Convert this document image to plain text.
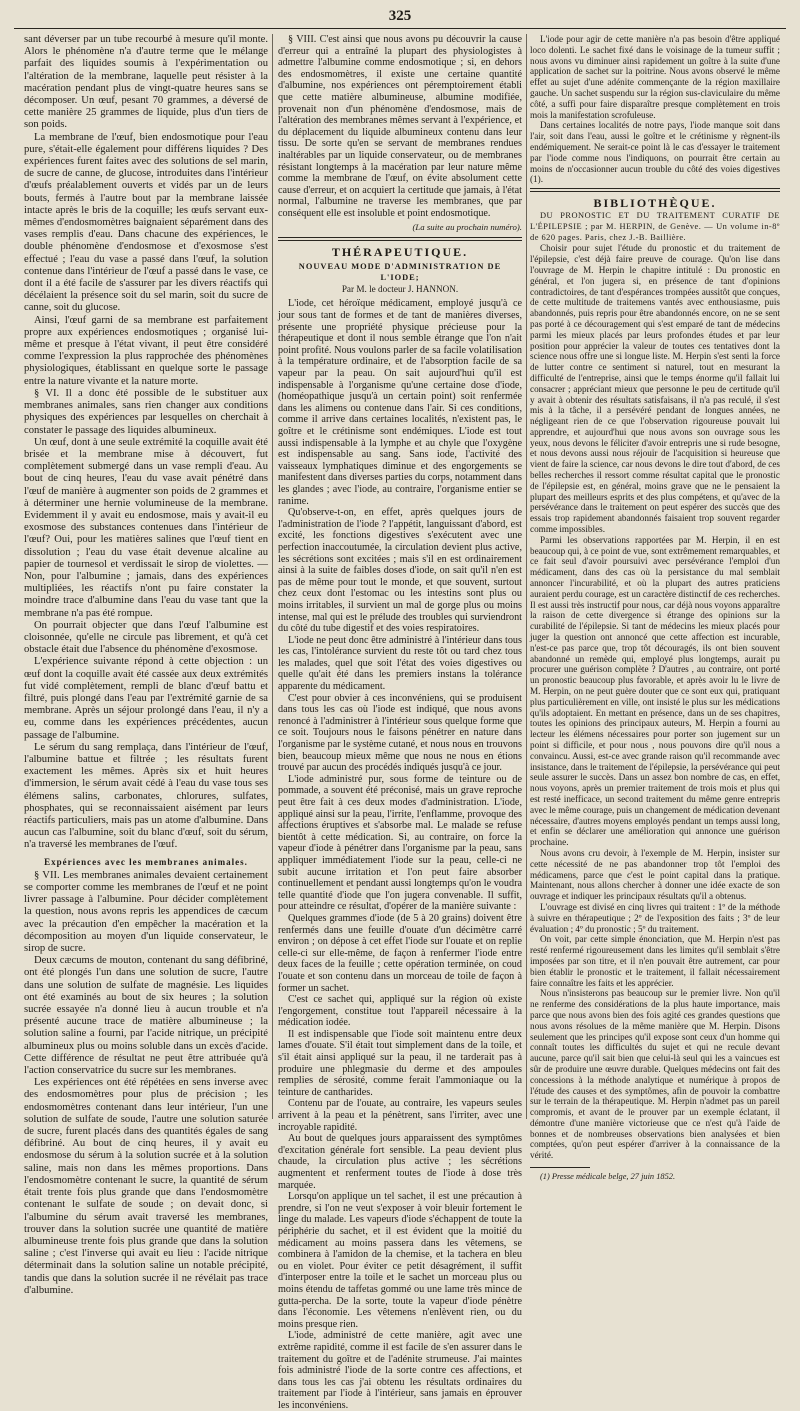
325

sant déverser par un tube recourbé à mesure qu'il monte. Alors le phénomène n'a d'autre terme que le mélange parfait des liquides soumis à l'expérimentation ou l'altération de la membrane, laquelle peut résister à la macération pendant plus de vingt-quatre heures sans se décomposer. Un œuf, pesant 70 grammes, a déversé de cette manière 25 grammes de liquide, plus d'un tiers de son poids.

La membrane de l'œuf, bien endosmotique pour l'eau pure, s'était-elle également pour différens liquides ? Des expériences furent faites avec des solutions de sel marin, de sucre de canne, de glucose, introduites dans l'intérieur d'œufs préalablement ouverts et vidés par un de leurs bouts, fermés à l'autre bout par la membrane laissée intacte après le bris de la coquille; les œufs servant eux-mêmes d'endosmomètres baignaient séparément dans des vases remplis d'eau. Dans chacune des expériences, le double phénomène d'endosmose et d'exosmose s'est effectué ; l'eau du vase a passé dans l'œuf, la solution contenue dans l'intérieur de l'œuf a passé dans le vase, ce dont il a été facile de s'assurer par les divers réactifs qui décélaient la présence soit du sel marin, soit du sucre de canne, soit du glucose.

Ainsi, l'œuf garni de sa membrane est parfaitement propre aux expériences endosmotiques ; organisé lui-même et presque à l'état vivant, il peut être considéré comme l'expression la plus rapprochée des phénomènes physiologiques, établissant en quelque sorte le passage entre la nature vivante et la nature morte.

§ VI. Il a donc été possible de le substituer aux membranes animales, sans rien changer aux conditions physiques des expériences par lesquelles on cherchait à constater le passage des liquides albumineux.

Un œuf, dont à une seule extrémité la coquille avait été brisée et la membrane mise à découvert, fut complètement submergé dans un vase rempli d'eau. Au bout de cinq heures, l'eau du vase avait pénétré dans l'œuf de manière à augmenter son poids de 2 grammes et à déterminer une hernie volumineuse de la membrane. Evidemment il y avait eu endosmose, mais y avait-il eu exosmose des substances contenues dans l'intérieur de l'œuf? Oui, pour les matières salines que l'œuf tient en dissolution ; l'eau du vase était devenue alcaline au papier de tournesol et verdissait le sirop de violettes. — Non, pour l'albumine ; jamais, dans des expériences multipliées, les réactifs n'ont pu faire constater la moindre trace d'albumine dans l'eau du vase tant que la membrane n'a pas été rompue.

On pourrait objecter que dans l'œuf l'albumine est cloisonnée, qu'elle ne circule pas librement, et qu'à cet obstacle était due l'absence du phénomène d'exosmose.

L'expérience suivante répond à cette objection : un œuf dont la coquille avait été cassée aux deux extrémités fut vidé complètement, rempli de blanc d'œuf battu et filtré, puis plongé dans l'eau par l'extrémité garnie de sa membrane. Après un séjour prolongé dans l'eau, il n'y a eu, comme dans les expériences précédentes, aucun passage de l'albumine.

Le sérum du sang remplaça, dans l'intérieur de l'œuf, l'albumine battue et filtrée ; les résultats furent exactement les mêmes. Après six et huit heures d'immersion, le sérum avait cédé à l'eau du vase tous ses élémens salins, carbonates, chlorures, sulfates, phosphates, qui se reconnaissaient aisément par leurs réactifs particuliers, mais pas un atome d'albumine. Dans aucun cas l'albumine, soit du blanc d'œuf, soit du sérum, n'a traversé les membranes de l'œuf.

Expériences avec les membranes animales.

§ VII. Les membranes animales devaient certainement se comporter comme les membranes de l'œuf et ne point livrer passage à l'albumine. Pour décider complètement la question, nous avons repris les appendices de cæcum avec la précaution d'en empêcher la macération et la décomposition au moyen d'un liquide conservateur, le sirop de sucre.

Deux cæcums de mouton, contenant du sang défibriné, ont été plongés l'un dans une solution de sucre, l'autre dans une solution de sulfate de magnésie. Les liquides ont été examinés au bout de six heures ; la solution sucrée essayée n'a donné lieu à aucun trouble et n'a présenté aucune trace de matière albumineuse ; la solution saline a fourni, par l'acide nitrique, un précipité albumineux plus ou moins soluble dans un excès d'acide. Cette différence de résultat ne peut être attribuée qu'à l'action conservatrice du sucre sur les membranes.

Les expériences ont été répétées en sens inverse avec des endosmomètres pour plus de précision ; les endosmomètres contenant dans leur intérieur, l'un une solution de sulfate de soude, l'autre une solution saturée de sucre, furent placés dans des quantités égales de sang défibriné. Au bout de cinq heures, il y avait eu endosmose du sérum à la solution sucrée et à la solution saline, mais non dans les mêmes proportions. Dans l'endosmomètre contenant le sucre, la quantité de sérum était trente fois plus grande que dans l'endosmomètre contenant le sulfate de soude ; on devait donc, si l'albumine du sérum avait traversé les membranes, trouver dans la solution sucrée une quantité de matière albumineuse trente fois plus grande que dans la solution saline ; c'est l'inverse qui avait eu lieu : l'acide nitrique déterminait dans la solution saline un notable précipité, tandis que dans la solution sucrée il ne révélait pas trace d'albumine.

§ VIII. C'est ainsi que nous avons pu découvrir la cause d'erreur qui a entraîné la plupart des physiologistes à admettre l'albumine comme endosmotique ; si, en dehors des endosmomètres, il existe une certaine quantité d'albumine, nos expériences ont péremptoirement établi que cette matière albumineuse, albumine modifiée, provenait non d'un phénomène d'endosmose, mais de l'altération des membranes mêmes servant à l'expérience, et du déplacement du liquide albumineux contenu dans leur tissu. De sorte qu'en se servant de membranes rendues inaltérables par un liquide conservateur, ou de membranes résistant longtemps à la macération par leur nature même comme la membrane de l'œuf, on évite absolument cette cause d'erreur, et on acquiert la certitude que jamais, à l'état normal, l'albumine ne traverse les membranes, que par conséquent elle est insoluble et point endosmotique.

(La suite au prochain numéro).
THÉRAPEUTIQUE.
NOUVEAU MODE D'ADMINISTRATION DE L'IODE;
Par M. le docteur J. HANNON.

L'iode, cet héroïque médicament, employé jusqu'à ce jour sous tant de formes et de tant de manières diverses, présente une propriété physique précieuse pour la thérapeutique et dont il nous semble étrange que l'on n'ait point profité. Nous voulons parler de sa facile volatilisation à la température ordinaire, et de l'absorption facile de sa vapeur par la peau. On sait aujourd'hui qu'il est indispensable à l'organisme qu'une certaine dose d'iode, (homéopathique jusqu'à un certain point) soit renfermée dans les alimens ou contenue dans l'air. Si ces conditions, comme il arrive dans certaines localités, n'existent pas, le goître et le crétinisme sont endémiques. L'iode est tout aussi indispensable à la lymphe et au chyle que l'oxygène est indispensable au sang. Sans iode, l'activité des vaisseaux lymphatiques diminue et des engorgements se manifestent dans diverses parties du corps, notamment dans les glandes ; avec l'iode, au contraire, l'organisme entier se ranime.

Qu'observe-t-on, en effet, après quelques jours de l'administration de l'iode ? l'appétit, languissant d'abord, est excité, les fonctions digestives s'exécutent avec une perfection inaccoutumée, la circulation devient plus active, les sécrétions sont excitées ; mais s'il en est ordinairement ainsi à la suite de faibles doses d'iode, on sait qu'il n'en est pas de même pour tout le monde, et que souvent, surtout chez ceux dont l'estomac ou les intestins sont plus ou moins irritables, il survient un mal de gorge plus ou moins intense, mal qui est le prélude des troubles qui surviendront du côté du tube digestif et des voies respiratoires.

L'iode ne peut donc être administré à l'intérieur dans tous les cas, l'intolérance survient du reste tôt ou tard chez tous les malades, quel que soit l'état des voies digestives ou quelle qu'ait été dans les premiers instans la tolérance apparente du médicament.

C'est pour obvier à ces inconvéniens, qui se produisent dans tous les cas où l'iode est indiqué, que nous avons renoncé à l'administrer à l'intérieur sous quelque forme que ce soit. Toujours nous le faisons pénétrer en nature dans l'organisme par le système cutané, et nous nous en trouvons bien, beaucoup mieux même que nous ne nous en étions trouvé par aucun des procédés indiqués jusqu'à ce jour.

L'iode administré pur, sous forme de teinture ou de pommade, a souvent été préconisé, mais un grave reproche peut être fait à ces deux modes d'administration. L'iode, appliqué ainsi sur la peau, l'irrite, l'enflamme, provoque des affections éruptives et s'absorbe mal. Le malade se refuse bientôt à cette médication. Si, au contraire, on force la vapeur d'iode à pénétrer dans l'organisme par la peau, sans appliquer immédiatement l'iode sur la peau, celle-ci ne subit aucune irritation et l'on peut faire absorber continuellement et pendant aussi longtemps qu'on le voudra telle quantité d'iode que l'on jugera convenable. Il suffit, pour atteindre ce résultat, d'opérer de la manière suivante :

Quelques grammes d'iode (de 5 à 20 grains) doivent être renfermés dans une feuille d'ouate d'un décimètre carré environ ; on dépose à cet effet l'iode sur l'ouate et on replie celle-ci sur elle-même, de façon à renfermer l'iode entre deux faces de la feuille ; cette opération terminée, on coud l'ouate et son contenu dans un morceau de toile de façon à former un sachet.

C'est ce sachet qui, appliqué sur la région où existe l'engorgement, constitue tout l'appareil nécessaire à la médication iodée.

Il est indispensable que l'iode soit maintenu entre deux lames d'ouate. S'il était tout simplement dans de la toile, et s'il était ainsi appliqué sur la peau, il ne tarderait pas à produire une phlegmasie du derme et des ampoules remplies de sérosité, comme ferait l'ammoniaque ou la teinture de cantharides.

Contenu par de l'ouate, au contraire, les vapeurs seules arrivent à la peau et la pénètrent, sans l'irriter, avec une incroyable rapidité.

Au bout de quelques jours apparaissent des symptômes d'excitation générale fort sensible. La peau devient plus chaude, la circulation plus active ; les sécrétions augmentent et renferment toutes de l'iode à dose très marquée.

Lorsqu'on applique un tel sachet, il est une précaution à prendre, si l'on ne veut s'exposer à voir bleuir fortement le linge du malade. Les vapeurs d'iode s'échappent de toute la périphérie du sachet, et il est évident que la moitié du médicament au moins passera dans les vêtemens, se combinera à l'amidon de la chemise, et la tachera en bleu ou en violet. Pour éviter ce petit désagrément, il suffit d'interposer entre la toile et le sachet un morceau plus ou moins étendu de taffetas gommé ou une lame très mince de gutta-percha. De la sorte, toute la vapeur d'iode pénètre dans l'économie. Les vêtemens n'enlèvent rien, ou du moins presque rien.

L'iode, administré de cette manière, agit avec une extrême rapidité, comme il est facile de s'en assurer dans le traitement du goître et de l'adénite strumeuse. J'ai maintes fois administré l'iode de la sorte contre ces affections, et dans tous les cas j'ai obtenu les résultats ordinaires du traitement par l'iode à l'intérieur, sans jamais en éprouver les inconvéniens.

L'iode pour agir de cette manière n'a pas besoin d'être appliqué loco dolenti. Le sachet fixé dans le voisinage de la tumeur suffit ; nous avons vu diminuer ainsi rapidement un goître à la suite d'une application de sachet sur la poitrine. Nous avons observé le même effet au sujet d'une adénite commençante de la région maxillaire gauche. Un sachet suspendu sur la région sus-claviculaire du même côté, a suffi pour faire disparaître presque complètement en trois mois la manifestation scrofuleuse.

Dans certaines localités de notre pays, l'iode manque soit dans l'air, soit dans l'eau, aussi le goître et le crétinisme y règnent-ils endémiquement. Ne serait-ce point là le cas d'essayer le traitement par l'iode comme nous l'indiquons, on pourrait être certain au moins de n'occasionner aucun trouble du côté des voies digestives (1).

BIBLIOTHÈQUE.

DU PRONOSTIC ET DU TRAITEMENT CURATIF DE L'ÉPILEPSIE ; par M. HERPIN, de Genève. — Un volume in-8º de 620 pages. Paris, chez J.-B. Baillière.

Choisir pour sujet l'étude du pronostic et du traitement de l'épilepsie, c'est déjà faire preuve de courage. Qu'on lise dans l'ouvrage de M. Herpin le chapitre intitulé : Du pronostic en général, et l'on jugera si, en présence de tant d'opinions contradictoires, de tant d'espérances trompées aussitôt que conçues, de cette multitude de traitemens vantés avec enthousiasme, puis abandonnés, puis repris pour être abandonnés encore, on ne se sent pas porté à ce découragement qui s'est emparé de tant de médecins parmi les mieux placés par leurs profondes études et par leur position pour apprécier la valeur de toutes ces tentatives dont la science nous offre une si longue liste. M. Herpin s'est senti la force de lutter contre ce sentiment si naturel, tout en mesurant la difficulté de l'entreprise, ainsi que le temps énorme qu'il fallait lui consacrer ; appréciant mieux que personne le peu de certitude qu'il y avait à obtenir des résultats satisfaisans, il n'a pas reculé, il s'est mis à la tâche, il a persévéré pendant de longues années, ne négligeant rien de ce que l'observation rigoureuse pouvait lui apprendre, et aujourd'hui que nous avons son ouvrage sous les yeux, nous devons le féliciter d'avoir entrepris une si rude besogne, et nous devons aussi nous réjouir de l'acquisition si heureuse que vient de faire la science, car nous devons le dire tout d'abord, de ces belles recherches il ressort comme résultat capital que le pronostic de l'épilepsie est, en général, moins grave que ne le pensaient la plupart des meilleurs esprits et des plus compétens, et qu'avec de la persévérance dans le traitement on peut espérer des succès que des essais trop rapidement abandonnés faisaient trop souvent regarder comme impossibles.

Parmi les observations rapportées par M. Herpin, il en est beaucoup qui, à ce point de vue, sont extrêmement remarquables, et ce fait seul d'avoir poursuivi avec persévérance l'emploi d'un médicament, dans des cas où la persistance du mal semblait annoncer l'incurabilité, et où la plupart des autres praticiens auraient perdu courage, est un caractère distinctif de ces recherches. Il est aussi très instructif pour nous, car déjà nous voyons apparaître la raison de cette divergence si étrange des opinions sur la curabilité de l'épilepsie. Si tant de médecins les mieux placés pour juger la question ont annoncé que cette affection est incurable, n'est-ce pas parce que, trop tôt découragés, ils ont bien souvent abandonné un remède qui, employé plus longtemps, aurait pu procurer une guérison complète ? D'autres , au contraire, ont porté un pronostic beaucoup plus favorable, et après avoir lu le livre de M. Herpin, on ne peut guère douter que ce sont eux qui, pratiquant plus particulièrement en ville, ont insisté le plus sur les médications qu'ils adoptaient. En mettant en présence, dans un de ses chapitres, toutes les opinions des principaux auteurs, M. Herpin a fourni au lecteur les élémens nécessaires pour porter son jugement sur un point si difficile, et pour nous , nous pouvons dire qu'il nous a convaincu. Aussi, est-ce avec grande raison qu'il recommande avec insistance, dans le traitement de l'épilepsie, la persévérance qui peut seule assurer le succès. Dans un assez bon nombre de cas, en effet, nous voyons, après un premier traitement de trois mois et plus qui est resté inefficace, un second traitement du même genre entrepris avec le même courage, puis un changement de médication devenant nécessaire, d'autres moyens employés pendant un temps aussi long, et enfin se déclarer une amélioration qui annonce une guérison prochaine.

Nous avons cru devoir, à l'exemple de M. Herpin, insister sur cette nécessité de ne pas abandonner trop tôt l'emploi des médicamens, parce que c'est le point capital dans la pratique. Maintenant, nous allons chercher à donner une idée exacte de son ouvrage et indiquer les principaux résultats qu'il a obtenus.

L'ouvrage est divisé en cinq livres qui traitent : 1º de la méthode à suivre en thérapeutique ; 2º de l'exposition des faits ; 3º de leur évaluation ; 4º du pronostic ; 5º du traitement.

On voit, par cette simple énonciation, que M. Herpin n'est pas resté renfermé rigoureusement dans les limites qu'il semblait s'être imposées par son titre, et il n'en pouvait être autrement, car pour bien établir le pronostic et le traitement, il fallait nécessairement faire connaître les faits et les apprécier.

Nous n'insisterons pas beaucoup sur le premier livre. Non qu'il ne renferme des considérations de la plus haute importance, mais parce que nous avons bien des fois agité ces grandes questions que nous avons résolues de la même manière que M. Herpin. Disons seulement que les principes qu'il expose sont ceux d'un homme qui connaît toutes les difficultés du sujet et qui ne recule devant aucune, parce qu'il sait bien que celui-là seul qui les a vaincues est sûr de produire une œuvre durable. Quelques médecins ont fait des concessions à la méthode analytique et numérique à propos de l'étude des causes et des symptômes, afin de pouvoir la combattre sur le terrain de la thérapeutique. M. Herpin n'admet pas un pareil compromis, et avant de le prouver par un exemple éclatant, il démontre d'une manière victorieuse que ce n'est qu'à l'aide de bonnes et de nombreuses observations bien analysées et bien comptées, qu'on peut espérer d'arriver à la connaissance de la vérité.

(1) Presse médicale belge, 27 juin 1852.
